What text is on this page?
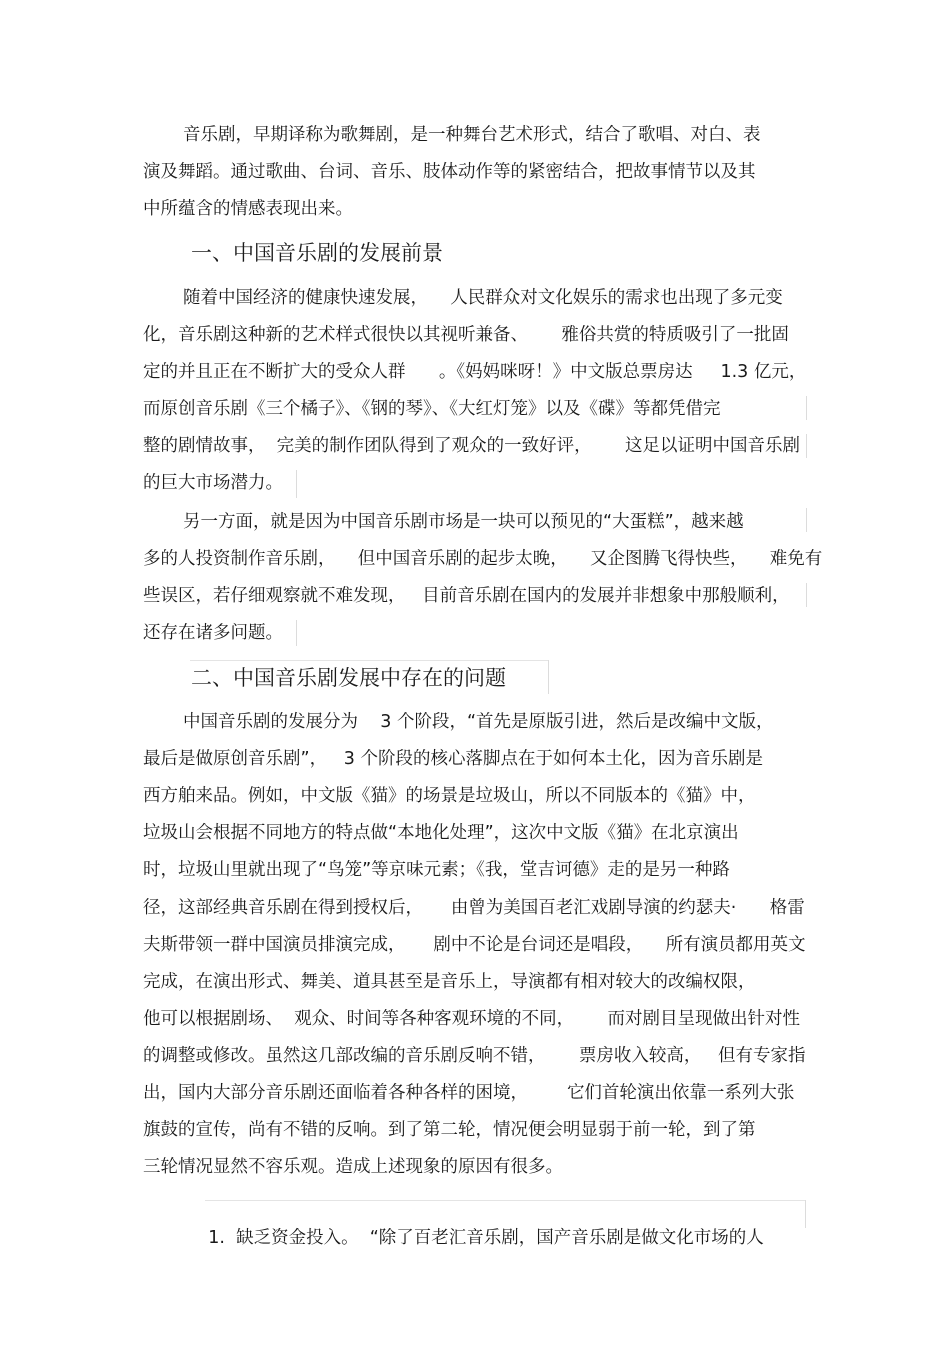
音乐剧，早期译称为歌舞剧，是一种舞台艺术形式，结合了歌唱、对白、表
演及舞蹈。通过歌曲、台词、音乐、肢体动作等的紧密结合，把故事情节以及其
中所蕴含的情感表现出来。
一、中国音乐剧的发展前景
随着中国经济的健康快速发展，    人民群众对文化娱乐的需求也出现了多元变
化，音乐剧这种新的艺术样式很快以其视听兼备、      雅俗共赏的特质吸引了一批固
定的并且正在不断扩大的受众人群      。《妈妈咪呀！》中文版总票房达     1.3 亿元，
而原创音乐剧《三个橘子》、《钢的琴》、《大红灯笼》以及《碟》等都凭借完
整的剧情故事，  完美的制作团队得到了观众的一致好评，      这足以证明中国音乐剧
的巨大市场潜力。
另一方面，就是因为中国音乐剧市场是一块可以预见的“大蛋糕”，越来越
多的人投资制作音乐剧，    但中国音乐剧的起步太晚，    又企图腾飞得快些，    难免有
些误区，若仔细观察就不难发现，   目前音乐剧在国内的发展并非想象中那般顺利，
还存在诸多问题。
二、中国音乐剧发展中存在的问题
中国音乐剧的发展分为    3 个阶段，“首先是原版引进，然后是改编中文版，
最后是做原创音乐剧”，   3 个阶段的核心落脚点在于如何本土化，因为音乐剧是
西方舶来品。例如，中文版《猫》的场景是垃圾山，所以不同版本的《猫》中，
垃圾山会根据不同地方的特点做“本地化处理”，这次中文版《猫》在北京演出
时，垃圾山里就出现了“鸟笼”等京味元素；《我，堂吉诃德》走的是另一种路
径，这部经典音乐剧在得到授权后，     由曾为美国百老汇戏剧导演的约瑟夫·      格雷
夫斯带领一群中国演员排演完成，     剧中不论是台词还是唱段，    所有演员都用英文
完成，在演出形式、舞美、道具甚至是音乐上，导演都有相对较大的改编权限，
他可以根据剧场、  观众、时间等各种客观环境的不同，      而对剧目呈现做出针对性
的调整或修改。虽然这几部改编的音乐剧反响不错，      票房收入较高，   但有专家指
出，国内大部分音乐剧还面临着各种各样的困境，       它们首轮演出依靠一系列大张
旗鼓的宣传，尚有不错的反响。到了第二轮，情况便会明显弱于前一轮，到了第
三轮情况显然不容乐观。造成上述现象的原因有很多。

1.  缺乏资金投入。  “除了百老汇音乐剧，国产音乐剧是做文化市场的人
